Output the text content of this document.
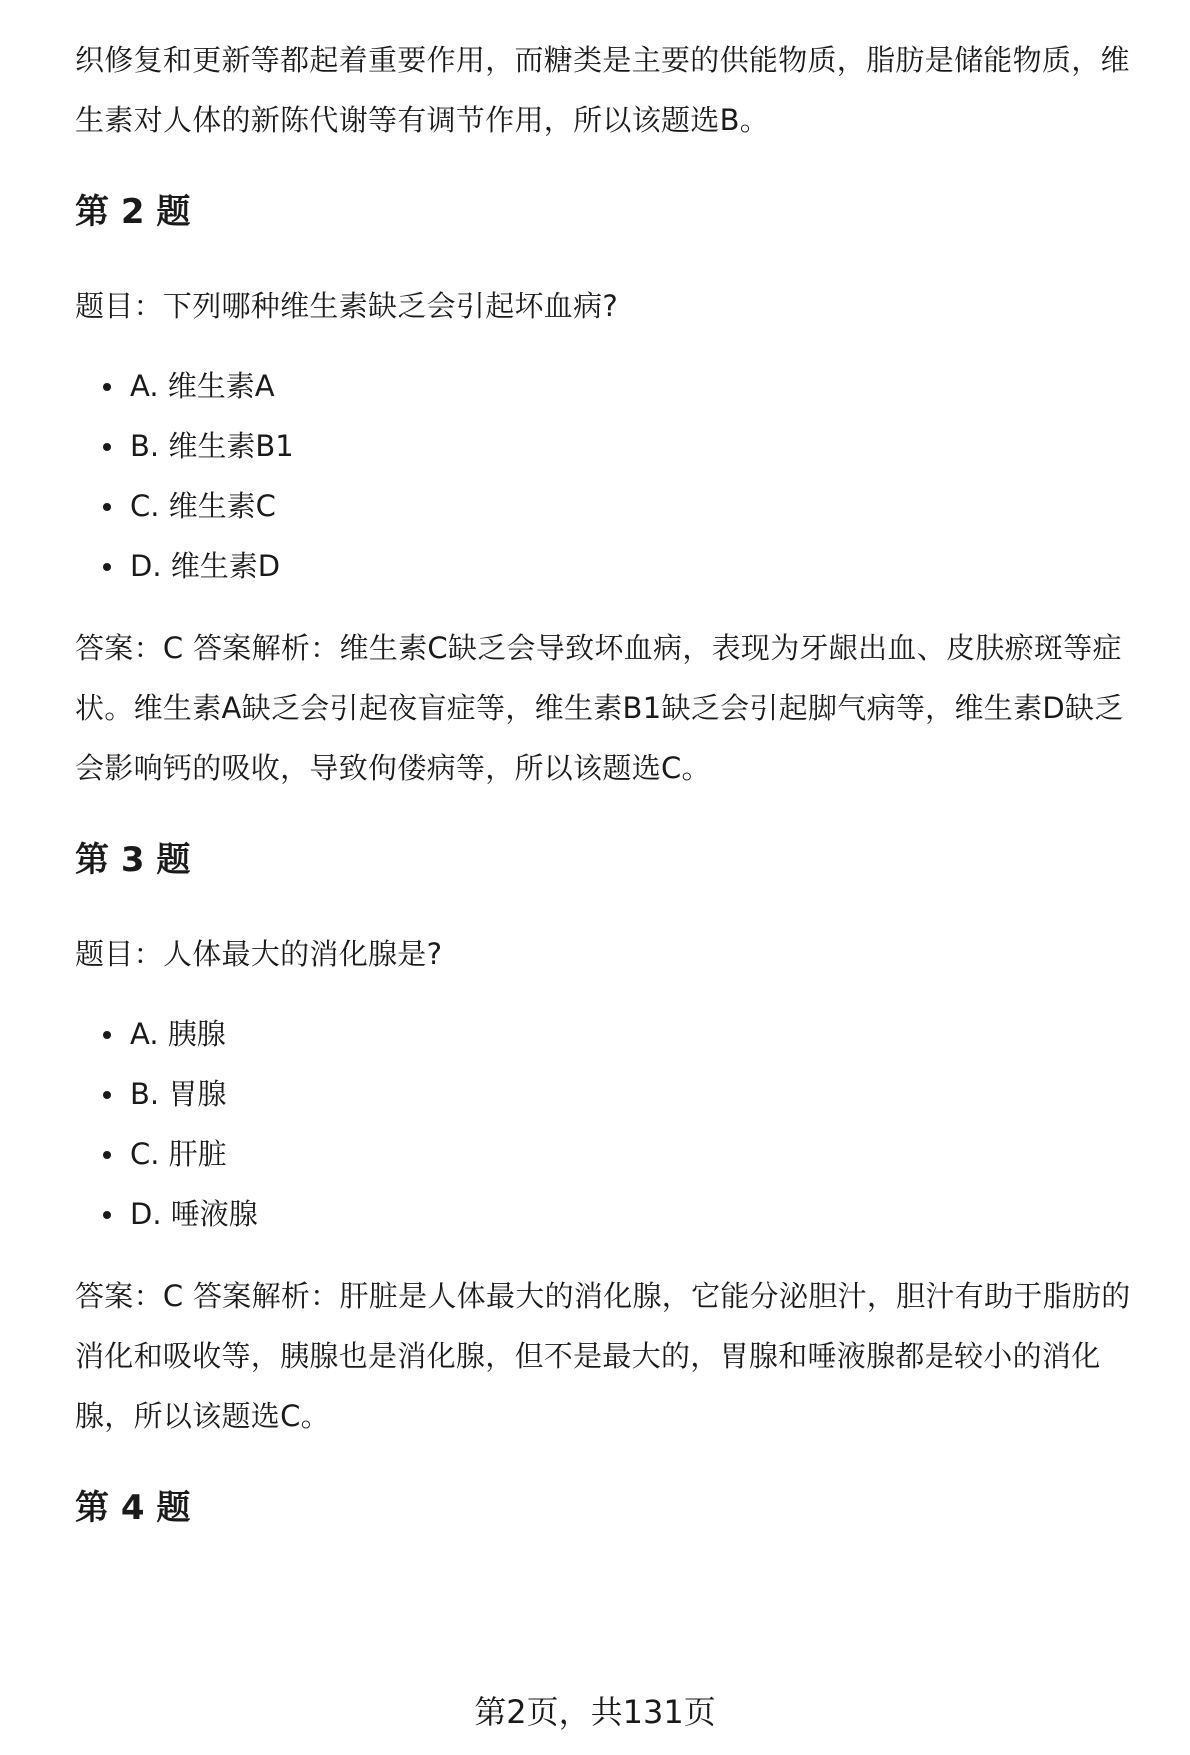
织修复和更新等都起着重要作用，而糖类是主要的供能物质，脂肪是储能物质，维

生素对人体的新陈代谢等有调节作用，所以该题选B。

第 2 题

题目：下列哪种维生素缺乏会引起坏血病?

A. 维生素A
B. 维生素B1
C. 维生素C
D. 维生素D

答案：C 答案解析：维生素C缺乏会导致坏血病，表现为牙龈出血、皮肤瘀斑等症

状。维生素A缺乏会引起夜盲症等，维生素B1缺乏会引起脚气病等，维生素D缺乏

会影响钙的吸收，导致佝偻病等，所以该题选C。

第 3 题

题目：人体最大的消化腺是?

A. 胰腺
B. 胃腺
C. 肝脏
D. 唾液腺

答案：C 答案解析：肝脏是人体最大的消化腺，它能分泌胆汁，胆汁有助于脂肪的

消化和吸收等，胰腺也是消化腺，但不是最大的，胃腺和唾液腺都是较小的消化

腺，所以该题选C。

第 4 题
第2页，共131页
